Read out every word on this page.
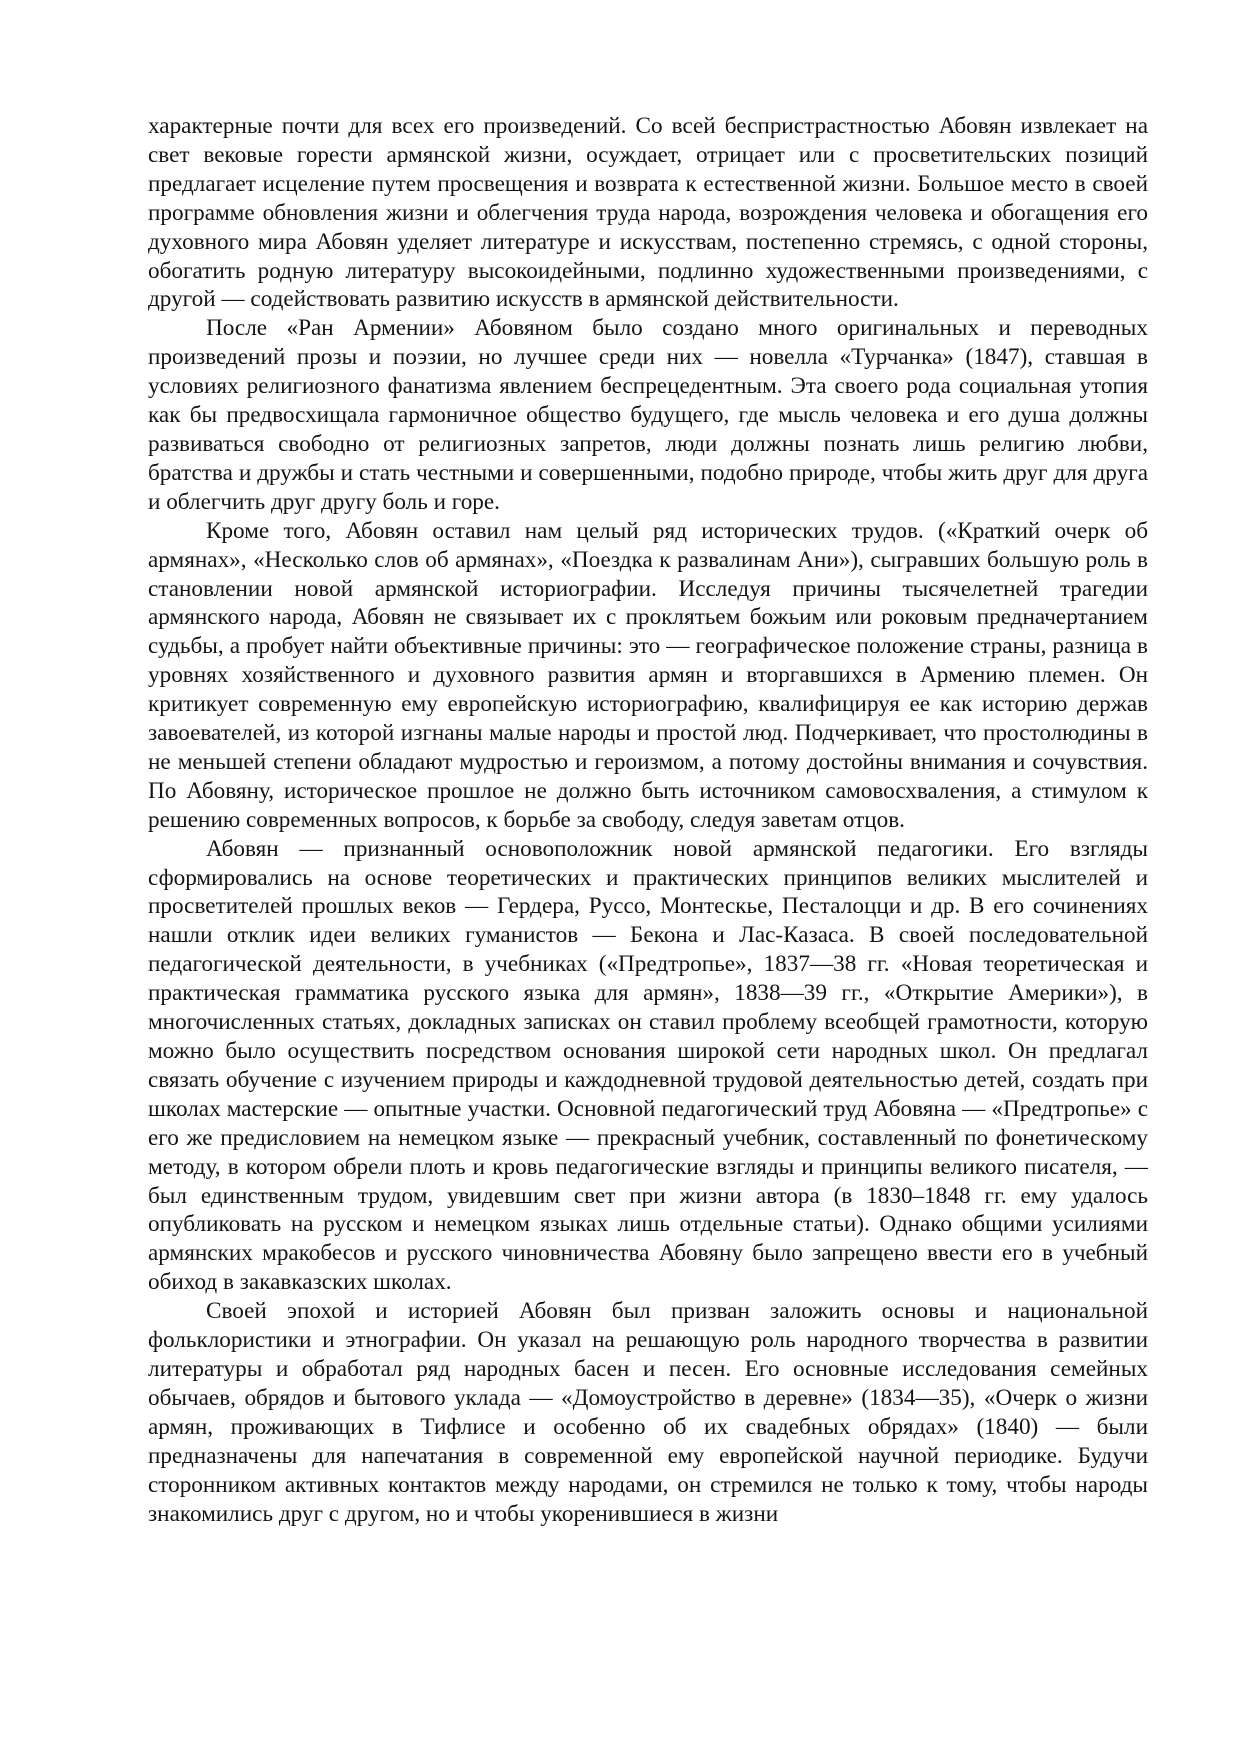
характерные почти для всех его произведений. Со всей беспристрастностью Абовян извлекает на свет вековые горести армянской жизни, осуждает, отрицает или с просветительских позиций предлагает исцеление путем просвещения и возврата к естественной жизни. Большое место в своей программе обновления жизни и облегчения труда народа, возрождения человека и обогащения его духовного мира Абовян уделяет литературе и искусствам, постепенно стремясь, с одной стороны, обогатить родную литературу высокоидейными, подлинно художественными произведениями, с другой — содействовать развитию искусств в армянской действительности.

После «Ран Армении» Абовяном было создано много оригинальных и переводных произведений прозы и поэзии, но лучшее среди них — новелла «Турчанка» (1847), ставшая в условиях религиозного фанатизма явлением беспрецедентным. Эта своего рода социальная утопия как бы предвосхищала гармоничное общество будущего, где мысль человека и его душа должны развиваться свободно от религиозных запретов, люди должны познать лишь религию любви, братства и дружбы и стать честными и совершенными, подобно природе, чтобы жить друг для друга и облегчить друг другу боль и горе.

Кроме того, Абовян оставил нам целый ряд исторических трудов. («Краткий очерк об армянах», «Несколько слов об армянах», «Поездка к развалинам Ани»), сыгравших большую роль в становлении новой армянской историографии. Исследуя причины тысячелетней трагедии армянского народа, Абовян не связывает их с проклятьем божьим или роковым предначертанием судьбы, а пробует найти объективные причины: это — географическое положение страны, разница в уровнях хозяйственного и духовного развития армян и вторгавшихся в Армению племен. Он критикует современную ему европейскую историографию, квалифицируя ее как историю держав завоевателей, из которой изгнаны малые народы и простой люд. Подчеркивает, что простолюдины в не меньшей степени обладают мудростью и героизмом, а потому достойны внимания и сочувствия. По Абовяну, историческое прошлое не должно быть источником самовосхваления, а стимулом к решению современных вопросов, к борьбе за свободу, следуя заветам отцов.

Абовян — признанный основоположник новой армянской педагогики. Его взгляды сформировались на основе теоретических и практических принципов великих мыслителей и просветителей прошлых веков — Гердера, Руссо, Монтескье, Песталоцци и др. В его сочинениях нашли отклик идеи великих гуманистов — Бекона и Лас-Казаса. В своей последовательной педагогической деятельности, в учебниках («Предтропье», 1837—38 гг. «Новая теоретическая и практическая грамматика русского языка для армян», 1838—39 гг., «Открытие Америки»), в многочисленных статьях, докладных записках он ставил проблему всеобщей грамотности, которую можно было осуществить посредством основания широкой сети народных школ. Он предлагал связать обучение с изучением природы и каждодневной трудовой деятельностью детей, создать при школах мастерские — опытные участки. Основной педагогический труд Абовяна — «Предтропье» с его же предисловием на немецком языке — прекрасный учебник, составленный по фонетическому методу, в котором обрели плоть и кровь педагогические взгляды и принципы великого писателя, — был единственным трудом, увидевшим свет при жизни автора (в 1830–1848 гг. ему удалось опубликовать на русском и немецком языках лишь отдельные статьи). Однако общими усилиями армянских мракобесов и русского чиновничества Абовяну было запрещено ввести его в учебный обиход в закавказских школах.

Своей эпохой и историей Абовян был призван заложить основы и национальной фольклористики и этнографии. Он указал на решающую роль народного творчества в развитии литературы и обработал ряд народных басен и песен. Его основные исследования семейных обычаев, обрядов и бытового уклада — «Домоустройство в деревне» (1834—35), «Очерк о жизни армян, проживающих в Тифлисе и особенно об их свадебных обрядах» (1840) — были предназначены для напечатания в современной ему европейской научной периодике. Будучи сторонником активных контактов между народами, он стремился не только к тому, чтобы народы знакомились друг с другом, но и чтобы укоренившиеся в жизни
